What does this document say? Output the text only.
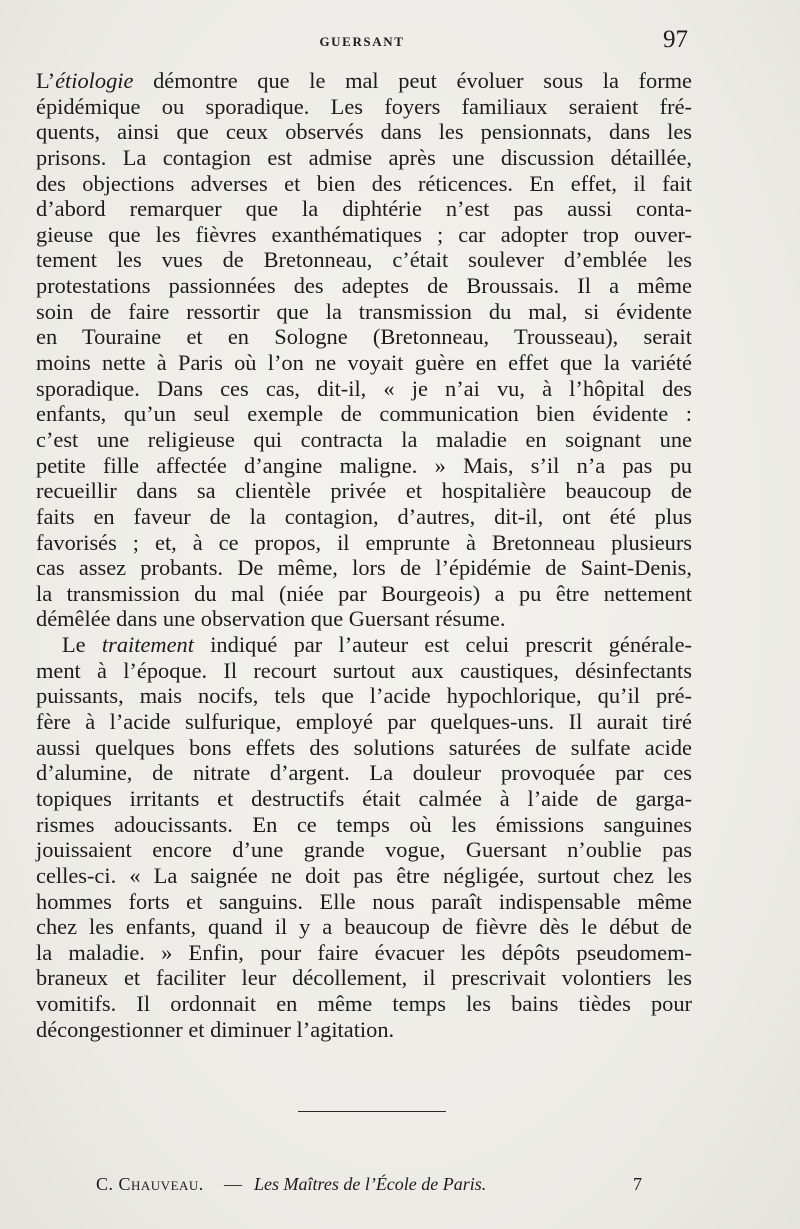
GUERSANT	97
L’étiologie démontre que le mal peut évoluer sous la forme
épidémique ou sporadique. Les foyers familiaux seraient fré-
quents, ainsi que ceux observés dans les pensionnats, dans les
prisons. La contagion est admise après une discussion détaillée,
des objections adverses et bien des réticences. En effet, il fait
d’abord remarquer que la diphtérie n’est pas aussi conta-
gieuse que les fièvres exanthématiques ; car adopter trop ouver-
tement les vues de Bretonneau, c’était soulever d’emblée les
protestations passionnées des adeptes de Broussais. Il a même
soin de faire ressortir que la transmission du mal, si évidente
en Touraine et en Sologne (Bretonneau, Trousseau), serait
moins nette à Paris où l’on ne voyait guère en effet que la variété
sporadique. Dans ces cas, dit-il, « je n’ai vu, à l’hôpital des
enfants, qu’un seul exemple de communication bien évidente :
c’est une religieuse qui contracta la maladie en soignant une
petite fille affectée d’angine maligne. » Mais, s’il n’a pas pu
recueillir dans sa clientèle privée et hospitalière beaucoup de
faits en faveur de la contagion, d’autres, dit-il, ont été plus
favorisés ; et, à ce propos, il emprunte à Bretonneau plusieurs
cas assez probants. De même, lors de l’épidémie de Saint-Denis,
la transmission du mal (niée par Bourgeois) a pu être nettement
démêlée dans une observation que Guersant résume.
Le traitement indiqué par l’auteur est celui prescrit générale-
ment à l’époque. Il recourt surtout aux caustiques, désinfectants
puissants, mais nocifs, tels que l’acide hypochlorique, qu’il pré-
fère à l’acide sulfurique, employé par quelques-uns. Il aurait tiré
aussi quelques bons effets des solutions saturées de sulfate acide
d’alumine, de nitrate d’argent. La douleur provoquée par ces
topiques irritants et destructifs était calmée à l’aide de garga-
rismes adoucissants. En ce temps où les émissions sanguines
jouissaient encore d’une grande vogue, Guersant n’oublie pas
celles-ci. « La saignée ne doit pas être négligée, surtout chez les
hommes forts et sanguins. Elle nous paraît indispensable même
chez les enfants, quand il y a beaucoup de fièvre dès le début de
la maladie. » Enfin, pour faire évacuer les dépôts pseudomem-
braneux et faciliter leur décollement, il prescrivait volontiers les
vomitifs. Il ordonnait en même temps les bains tièdes pour
décongestionner et diminuer l’agitation.
C. Chauveau. — Les Maîtres de l’École de Paris.	7
